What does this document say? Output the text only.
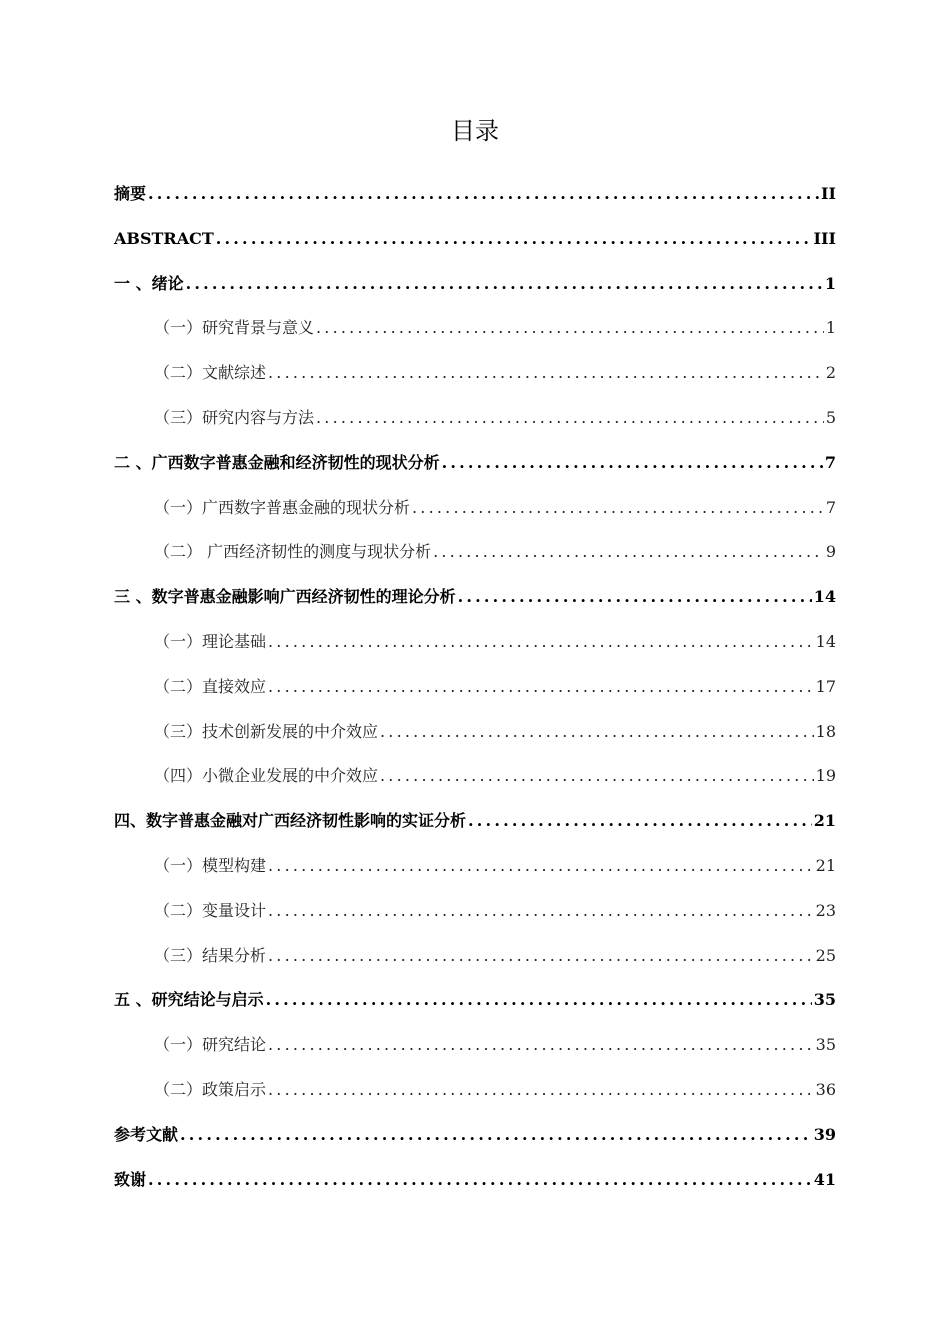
目录
摘要 .....	II
ABSTRACT .....	III
一 、绪论 .....	1
（一）研究背景与意义 .....	1
（二）文献综述 .....	2
（三）研究内容与方法 .....	5
二 、广西数字普惠金融和经济韧性的现状分析 .....	7
（一）广西数字普惠金融的现状分析 .....	7
（二） 广西经济韧性的测度与现状分析 .....	9
三 、数字普惠金融影响广西经济韧性的理论分析 .....	14
（一）理论基础 .....	14
（二）直接效应 .....	17
（三）技术创新发展的中介效应 .....	18
（四）小微企业发展的中介效应 .....	19
四、数字普惠金融对广西经济韧性影响的实证分析 .....	21
（一）模型构建 .....	21
（二）变量设计 .....	23
（三）结果分析 .....	25
五 、研究结论与启示 .....	35
（一）研究结论 .....	35
（二）政策启示 .....	36
参考文献 .....	39
致谢 .....	41
